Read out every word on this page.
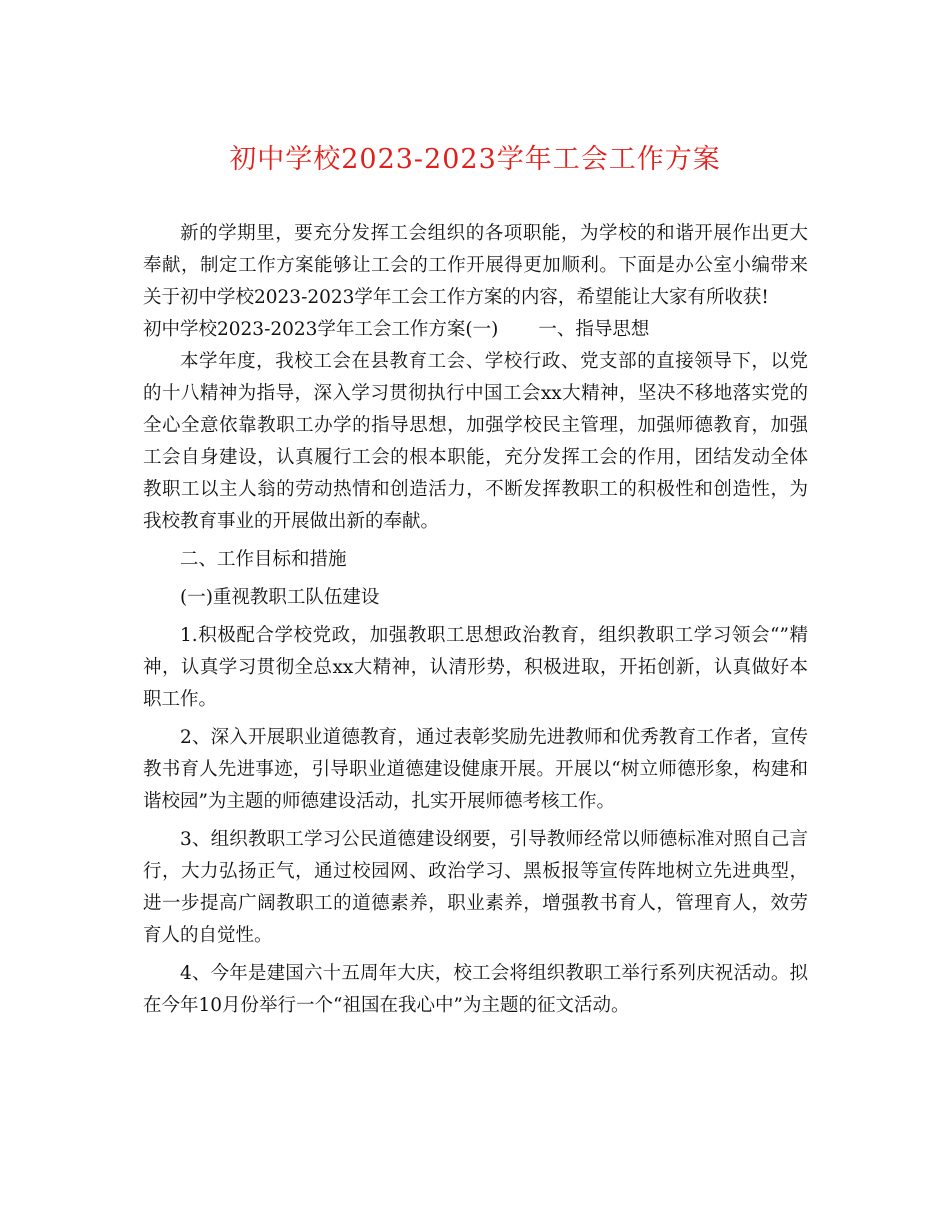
初中学校2023-2023学年工会工作方案

新的学期里，要充分发挥工会组织的各项职能，为学校的和谐开展作出更大奉献，制定工作方案能够让工会的工作开展得更加顺利。下面是办公室小编带来关于初中学校2023-2023学年工会工作方案的内容，希望能让大家有所收获!

初中学校2023-2023学年工会工作方案(一) 一、指导思想

本学年度，我校工会在县教育工会、学校行政、党支部的直接领导下，以党的十八精神为指导，深入学习贯彻执行中国工会xx大精神，坚决不移地落实党的全心全意依靠教职工办学的指导思想，加强学校民主管理，加强师德教育，加强工会自身建设，认真履行工会的根本职能，充分发挥工会的作用，团结发动全体教职工以主人翁的劳动热情和创造活力，不断发挥教职工的积极性和创造性，为我校教育事业的开展做出新的奉献。

二、工作目标和措施

(一)重视教职工队伍建设

1.积极配合学校党政，加强教职工思想政治教育，组织教职工学习领会“”精神，认真学习贯彻全总xx大精神，认清形势，积极进取，开拓创新，认真做好本职工作。

2、深入开展职业道德教育，通过表彰奖励先进教师和优秀教育工作者，宣传教书育人先进事迹，引导职业道德建设健康开展。开展以“树立师德形象，构建和谐校园”为主题的师德建设活动，扎实开展师德考核工作。

3、组织教职工学习公民道德建设纲要，引导教师经常以师德标准对照自己言行，大力弘扬正气，通过校园网、政治学习、黑板报等宣传阵地树立先进典型，进一步提高广阔教职工的道德素养，职业素养，增强教书育人，管理育人，效劳育人的自觉性。

4、今年是建国六十五周年大庆，校工会将组织教职工举行系列庆祝活动。拟在今年10月份举行一个“祖国在我心中”为主题的征文活动。
